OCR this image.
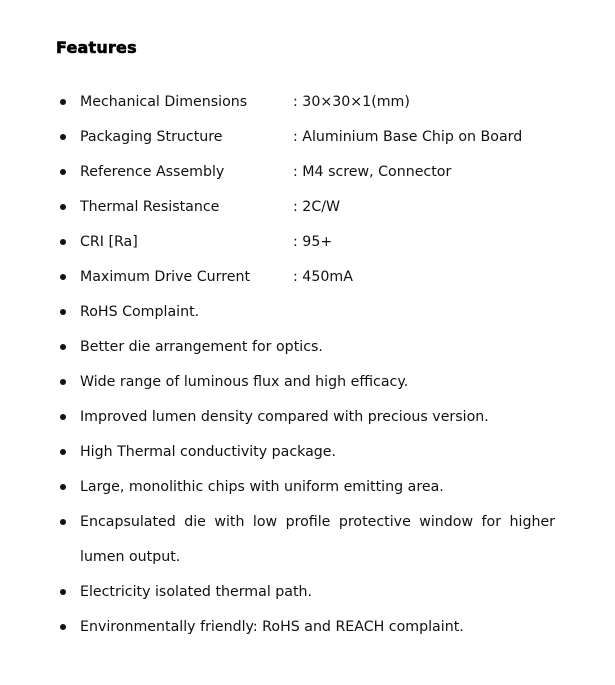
Features
Mechanical Dimensions	: 30×30×1(mm)
Packaging Structure	: Aluminium Base Chip on Board
Reference Assembly	: M4 screw, Connector
Thermal Resistance	: 2C/W
CRI [Ra]	: 95+
Maximum Drive Current	: 450mA
RoHS Complaint.
Better die arrangement for optics.
Wide range of luminous flux and high efficacy.
Improved lumen density compared with precious version.
High Thermal conductivity package.
Large, monolithic chips with uniform emitting area.
Encapsulated die with low profile protective window for higher lumen output.
Electricity isolated thermal path.
Environmentally friendly: RoHS and REACH complaint.
